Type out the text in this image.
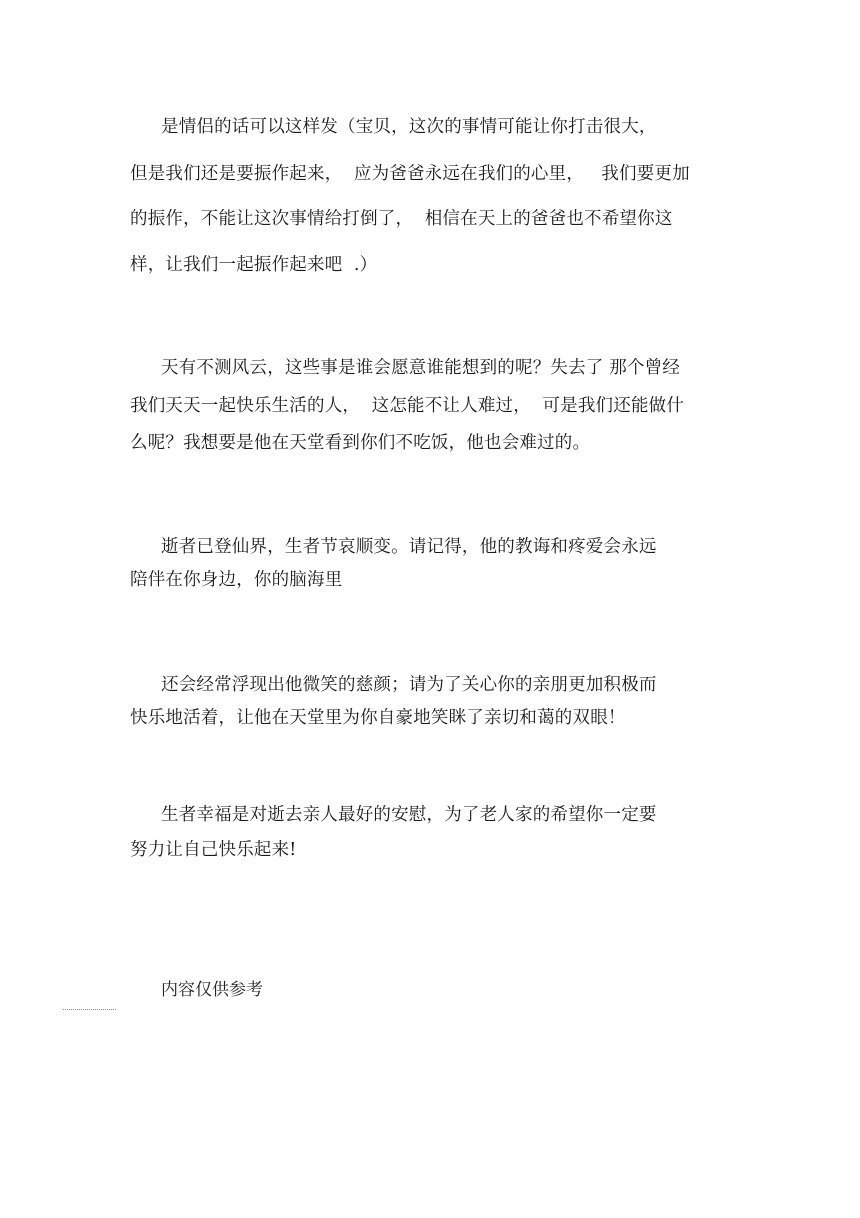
是情侣的话可以这样发（宝贝，这次的事情可能让你打击很大，
但是我们还是要振作起来，  应为爸爸永远在我们的心里，   我们要更加
的振作，不能让这次事情给打倒了，  相信在天上的爸爸也不希望你这
样，让我们一起振作起来吧  .）
天有不测风云，这些事是谁会愿意谁能想到的呢？失去了 那个曾经
我们天天一起快乐生活的人，  这怎能不让人难过，  可是我们还能做什
么呢？我想要是他在天堂看到你们不吃饭，他也会难过的。
逝者已登仙界，生者节哀顺变。请记得，他的教诲和疼爱会永远
陪伴在你身边，你的脑海里
还会经常浮现出他微笑的慈颜；请为了关心你的亲朋更加积极而
快乐地活着，让他在天堂里为你自豪地笑眯了亲切和蔼的双眼！
生者幸福是对逝去亲人最好的安慰，为了老人家的希望你一定要
努力让自己快乐起来!
内容仅供参考
